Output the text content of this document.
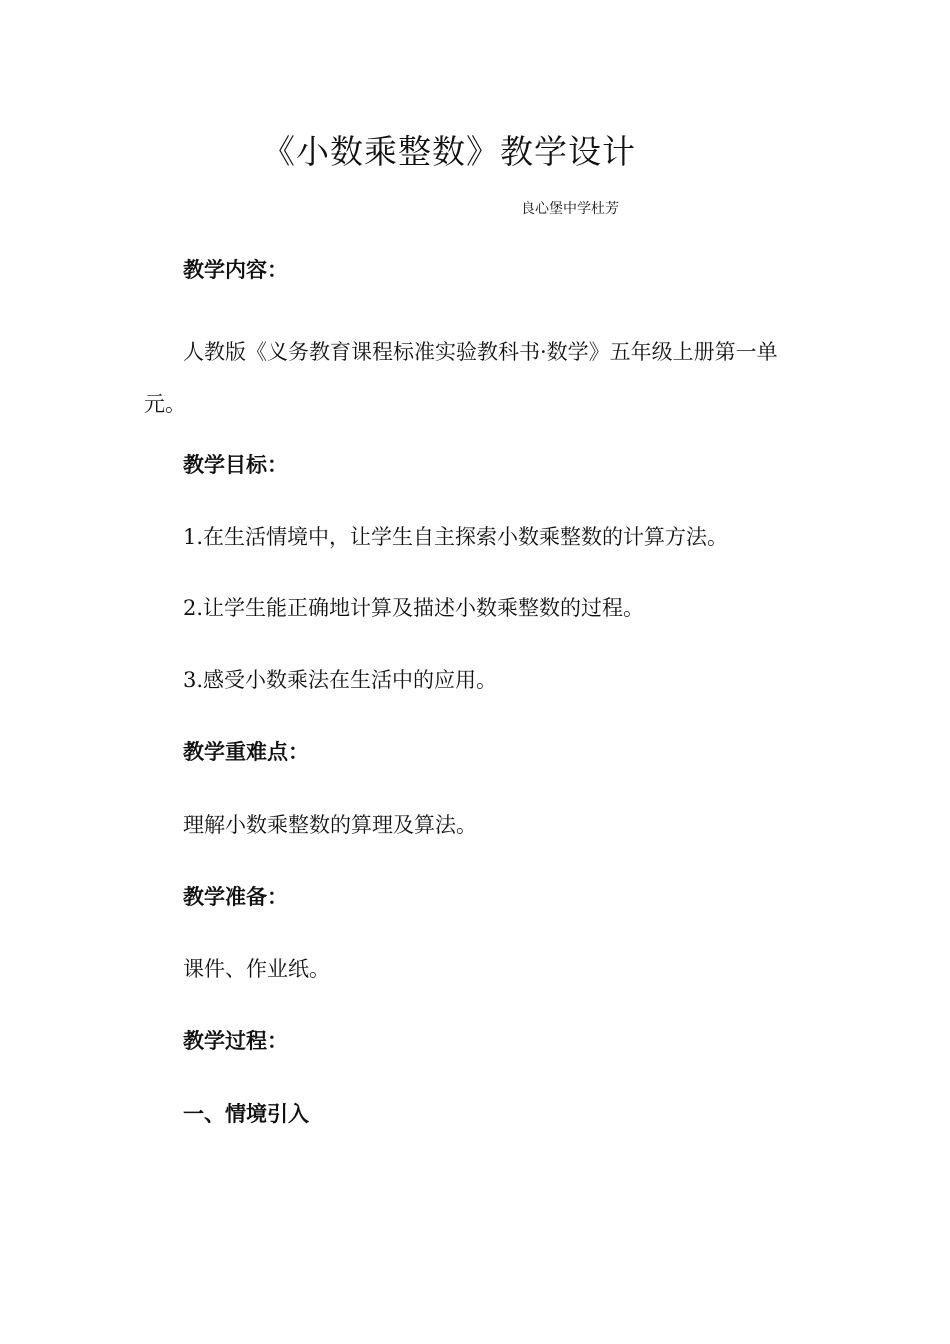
《小数乘整数》教学设计
良心堡中学杜芳
教学内容：

人教版《义务教育课程标准实验教科书·数学》五年级上册第一单元。

教学目标：
1.在生活情境中，让学生自主探索小数乘整数的计算方法。
2.让学生能正确地计算及描述小数乘整数的过程。
3.感受小数乘法在生活中的应用。
教学重难点：
理解小数乘整数的算理及算法。
教学准备：
课件、作业纸。
教学过程：
一、情境引入
